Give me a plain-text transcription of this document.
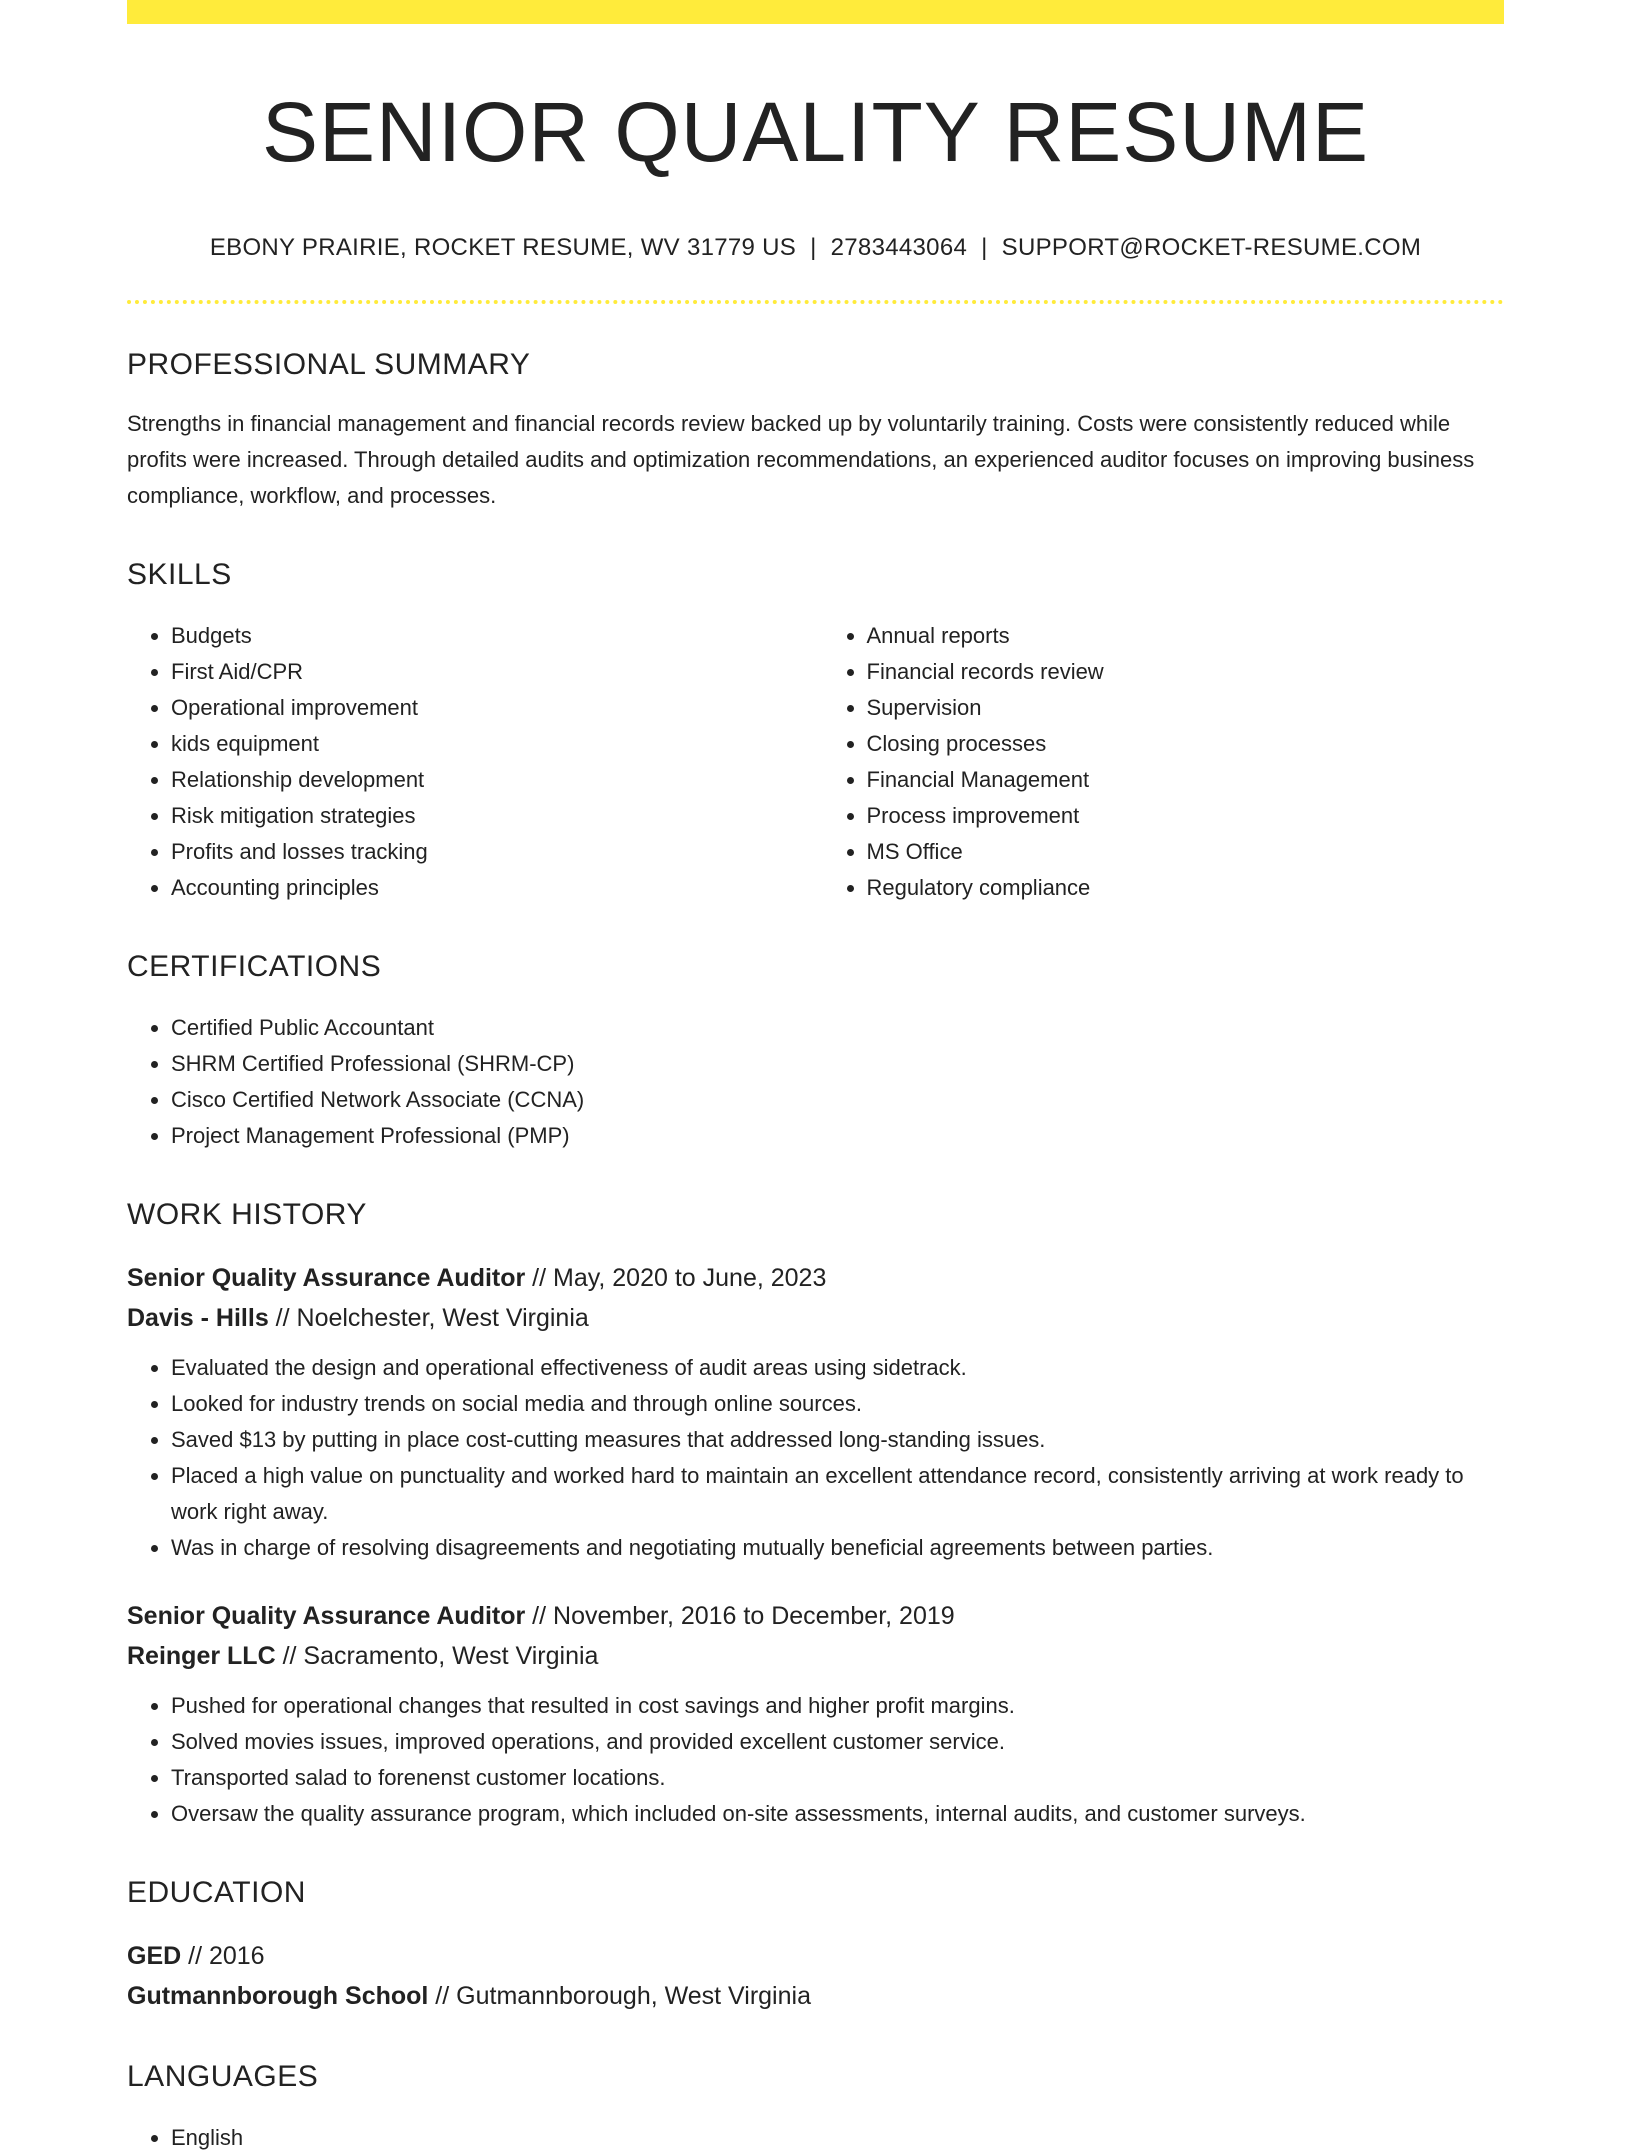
SENIOR QUALITY RESUME
EBONY PRAIRIE, ROCKET RESUME, WV 31779 US | 2783443064 | SUPPORT@ROCKET-RESUME.COM
PROFESSIONAL SUMMARY

Strengths in financial management and financial records review backed up by voluntarily training. Costs were consistently reduced while profits were increased. Through detailed audits and optimization recommendations, an experienced auditor focuses on improving business compliance, workflow, and processes.

SKILLS
• Budgets
• First Aid/CPR
• Operational improvement
• kids equipment
• Relationship development
• Risk mitigation strategies
• Profits and losses tracking
• Accounting principles
• Annual reports
• Financial records review
• Supervision
• Closing processes
• Financial Management
• Process improvement
• MS Office
• Regulatory compliance
CERTIFICATIONS
• Certified Public Accountant
• SHRM Certified Professional (SHRM-CP)
• Cisco Certified Network Associate (CCNA)
• Project Management Professional (PMP)
WORK HISTORY
Senior Quality Assurance Auditor // May, 2020 to June, 2023
Davis - Hills // Noelchester, West Virginia
• Evaluated the design and operational effectiveness of audit areas using sidetrack.
• Looked for industry trends on social media and through online sources.
• Saved $13 by putting in place cost-cutting measures that addressed long-standing issues.
• Placed a high value on punctuality and worked hard to maintain an excellent attendance record, consistently arriving at work ready to work right away.
• Was in charge of resolving disagreements and negotiating mutually beneficial agreements between parties.
Senior Quality Assurance Auditor // November, 2016 to December, 2019
Reinger LLC // Sacramento, West Virginia
• Pushed for operational changes that resulted in cost savings and higher profit margins.
• Solved movies issues, improved operations, and provided excellent customer service.
• Transported salad to forenenst customer locations.
• Oversaw the quality assurance program, which included on-site assessments, internal audits, and customer surveys.
EDUCATION
GED // 2016
Gutmannborough School // Gutmannborough, West Virginia
LANGUAGES
• English
